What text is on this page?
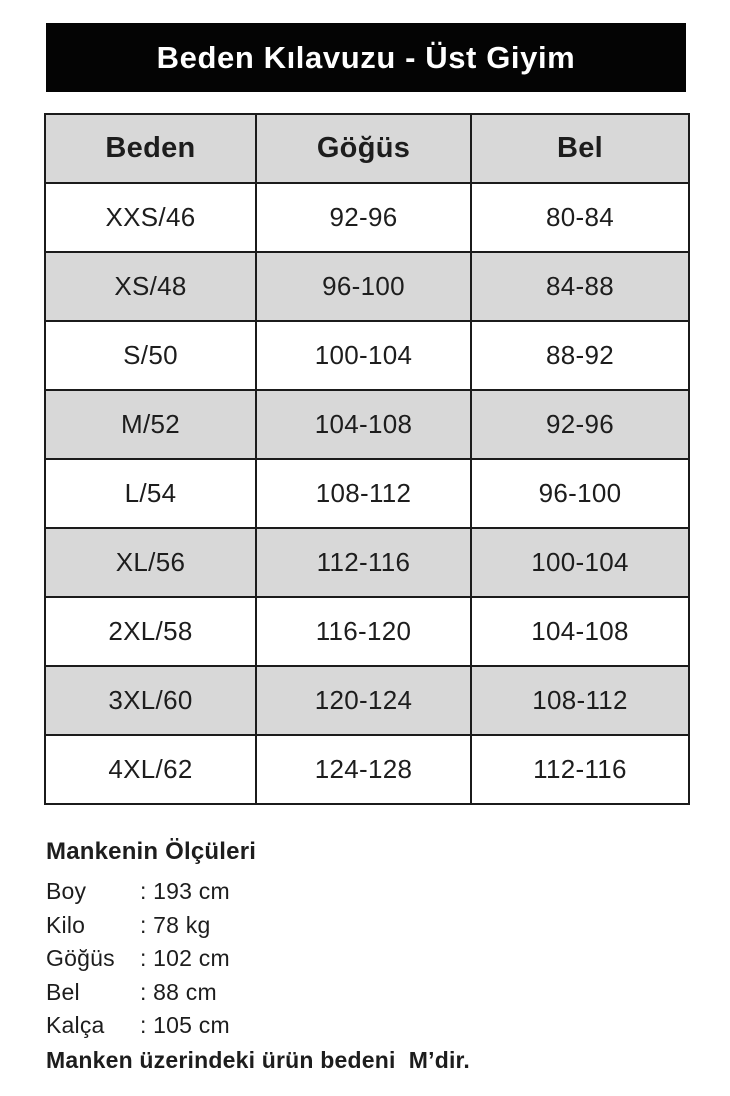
Beden Kılavuzu - Üst Giyim
Beden	Göğüs	Bel
XXS/46	92-96	80-84
XS/48	96-100	84-88
S/50	100-104	88-92
M/52	104-108	92-96
L/54	108-112	96-100
XL/56	112-116	100-104
2XL/58	116-120	104-108
3XL/60	120-124	108-112
4XL/62	124-128	112-116
Mankenin Ölçüleri
Boy	: 193 cm
Kilo	: 78 kg
Göğüs	: 102 cm
Bel	: 88 cm
Kalça	: 105 cm

Manken üzerindeki ürün bedeni  M’dir.
